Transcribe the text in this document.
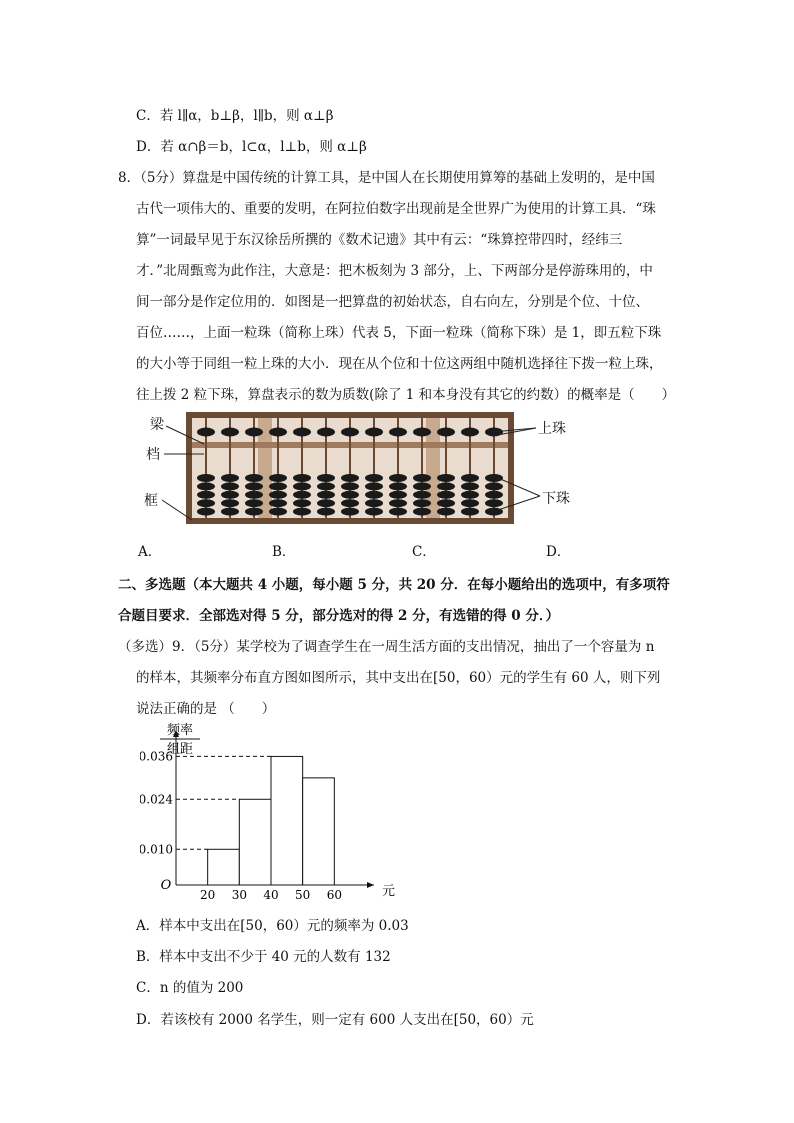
C．若 l∥α，b⊥β，l∥b，则 α⊥β
D．若 α∩β＝b，l⊂α，l⊥b，则 α⊥β
8．（5分）算盘是中国传统的计算工具，是中国人在长期使用算筹的基础上发明的，是中国
古代一项伟大的、重要的发明，在阿拉伯数字出现前是全世界广为使用的计算工具．“珠
算”一词最早见于东汉徐岳所撰的《数术记遗》其中有云：“珠算控带四时，经纬三
才．”北周甄鸾为此作注，大意是：把木板刻为 3 部分，上、下两部分是停游珠用的，中
间一部分是作定位用的．如图是一把算盘的初始状态，自右向左，分别是个位、十位、
百位……，上面一粒珠（简称上珠）代表 5，下面一粒珠（简称下珠）是 1，即五粒下珠
的大小等于同组一粒上珠的大小．现在从个位和十位这两组中随机选择往下拨一粒上珠，
往上拨 2 粒下珠，算盘表示的数为质数(除了 1 和本身没有其它的约数）的概率是（　　）
梁
档
框
上珠
下珠
A．	B．	C．	D．
二、多选题（本大题共 4 小题，每小题 5 分，共 20 分．在每小题给出的选项中，有多项符
合题目要求．全部选对得 5 分，部分选对的得 2 分，有选错的得 0 分．）
（多选）9．（5分）某学校为了调查学生在一周生活方面的支出情况，抽出了一个容量为 n
的样本，其频率分布直方图如图所示，其中支出在[50，60）元的学生有 60 人，则下列
说法正确的是 （　　）
0.010
0.024
0.036
20 30 40 50 60
O	元
频率
组距
A．样本中支出在[50，60）元的频率为 0.03
B．样本中支出不少于 40 元的人数有 132
C．n 的值为 200
D．若该校有 2000 名学生，则一定有 600 人支出在[50，60）元
